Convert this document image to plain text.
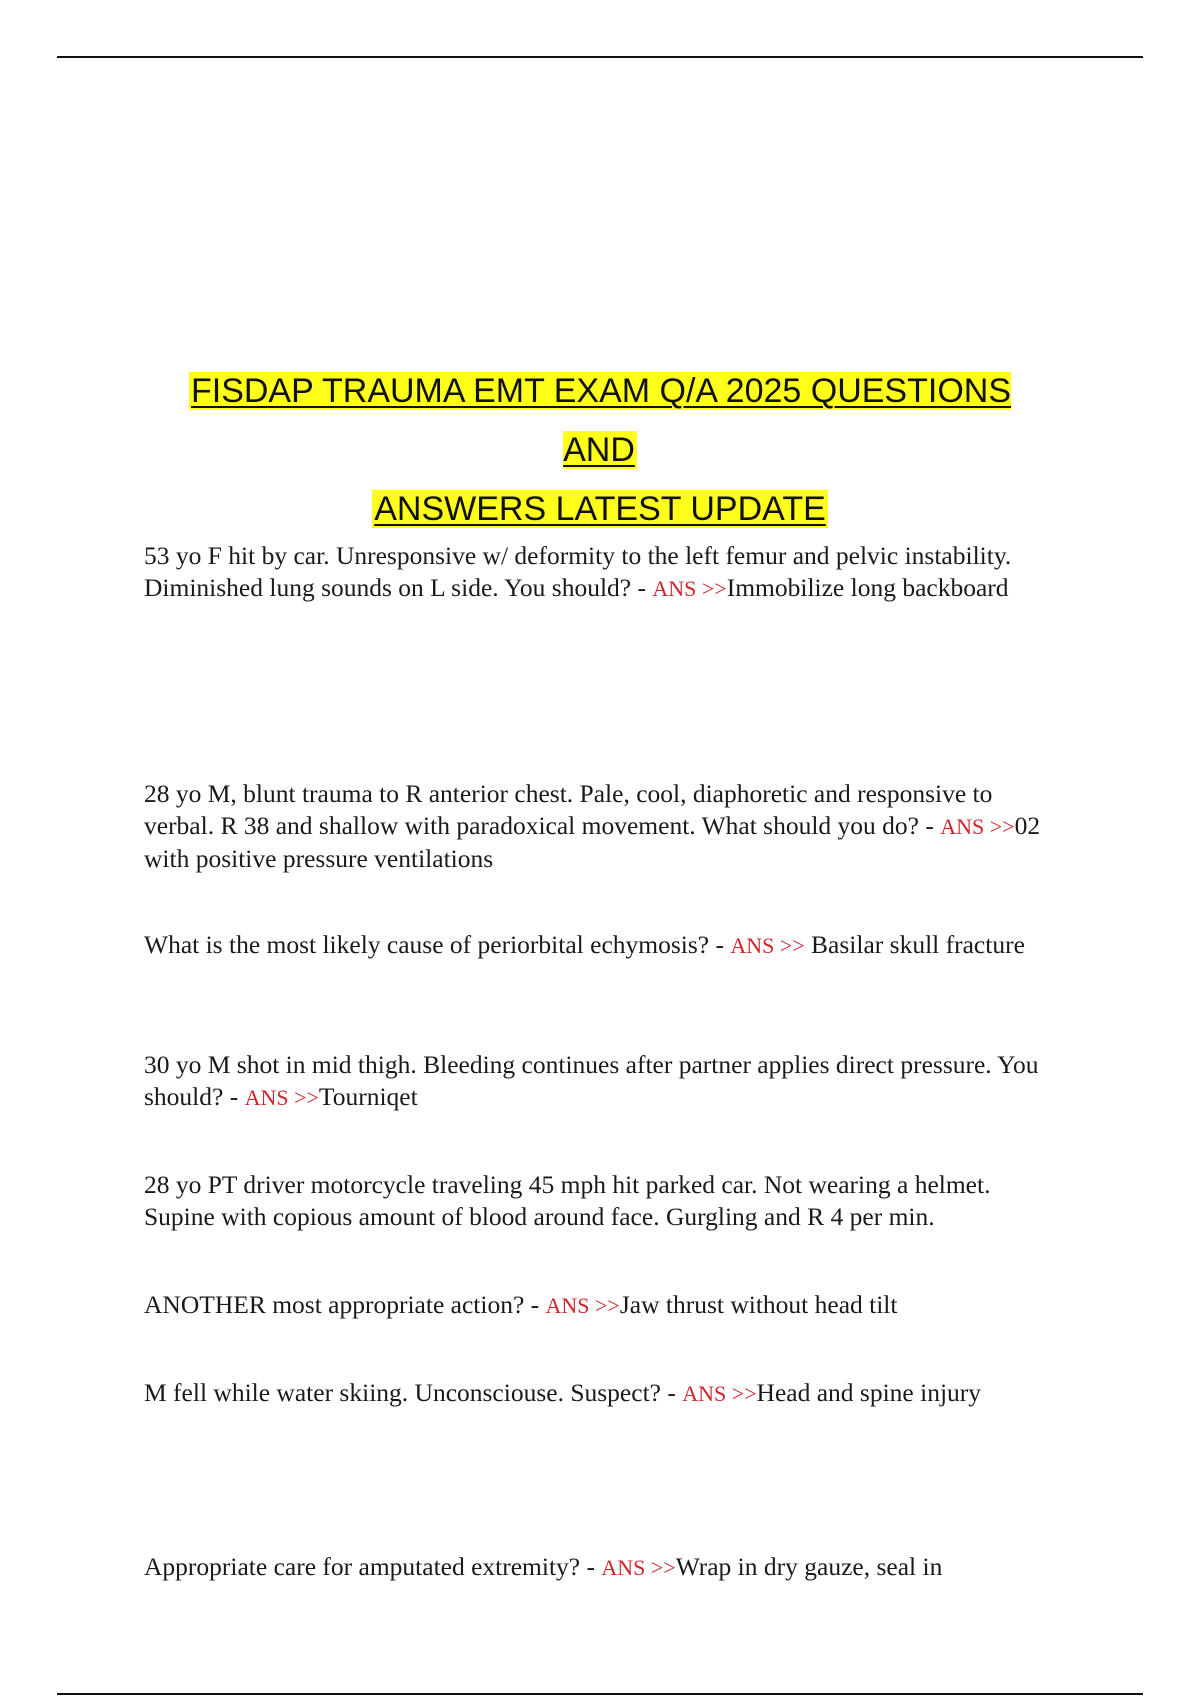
FISDAP TRAUMA EMT EXAM Q/A 2025 QUESTIONS AND
ANSWERS LATEST UPDATE

53 yo F hit by car. Unresponsive w/ deformity to the left femur and pelvic instability. Diminished lung sounds on L side. You should? - ANS >>Immobilize long backboard

28 yo M, blunt trauma to R anterior chest. Pale, cool, diaphoretic and responsive to verbal. R 38 and shallow with paradoxical movement. What should you do? - ANS >>02 with positive pressure ventilations

What is the most likely cause of periorbital echymosis? - ANS >> Basilar skull fracture

30 yo M shot in mid thigh. Bleeding continues after partner applies direct pressure. You should? - ANS >>Tourniqet

28 yo PT driver motorcycle traveling 45 mph hit parked car. Not wearing a helmet. Supine with copious amount of blood around face. Gurgling and R 4 per min.

ANOTHER most appropriate action? - ANS >>Jaw thrust without head tilt

M fell while water skiing. Unconsciouse. Suspect? - ANS >>Head and spine injury

Appropriate care for amputated extremity? - ANS >>Wrap in dry gauze, seal in
